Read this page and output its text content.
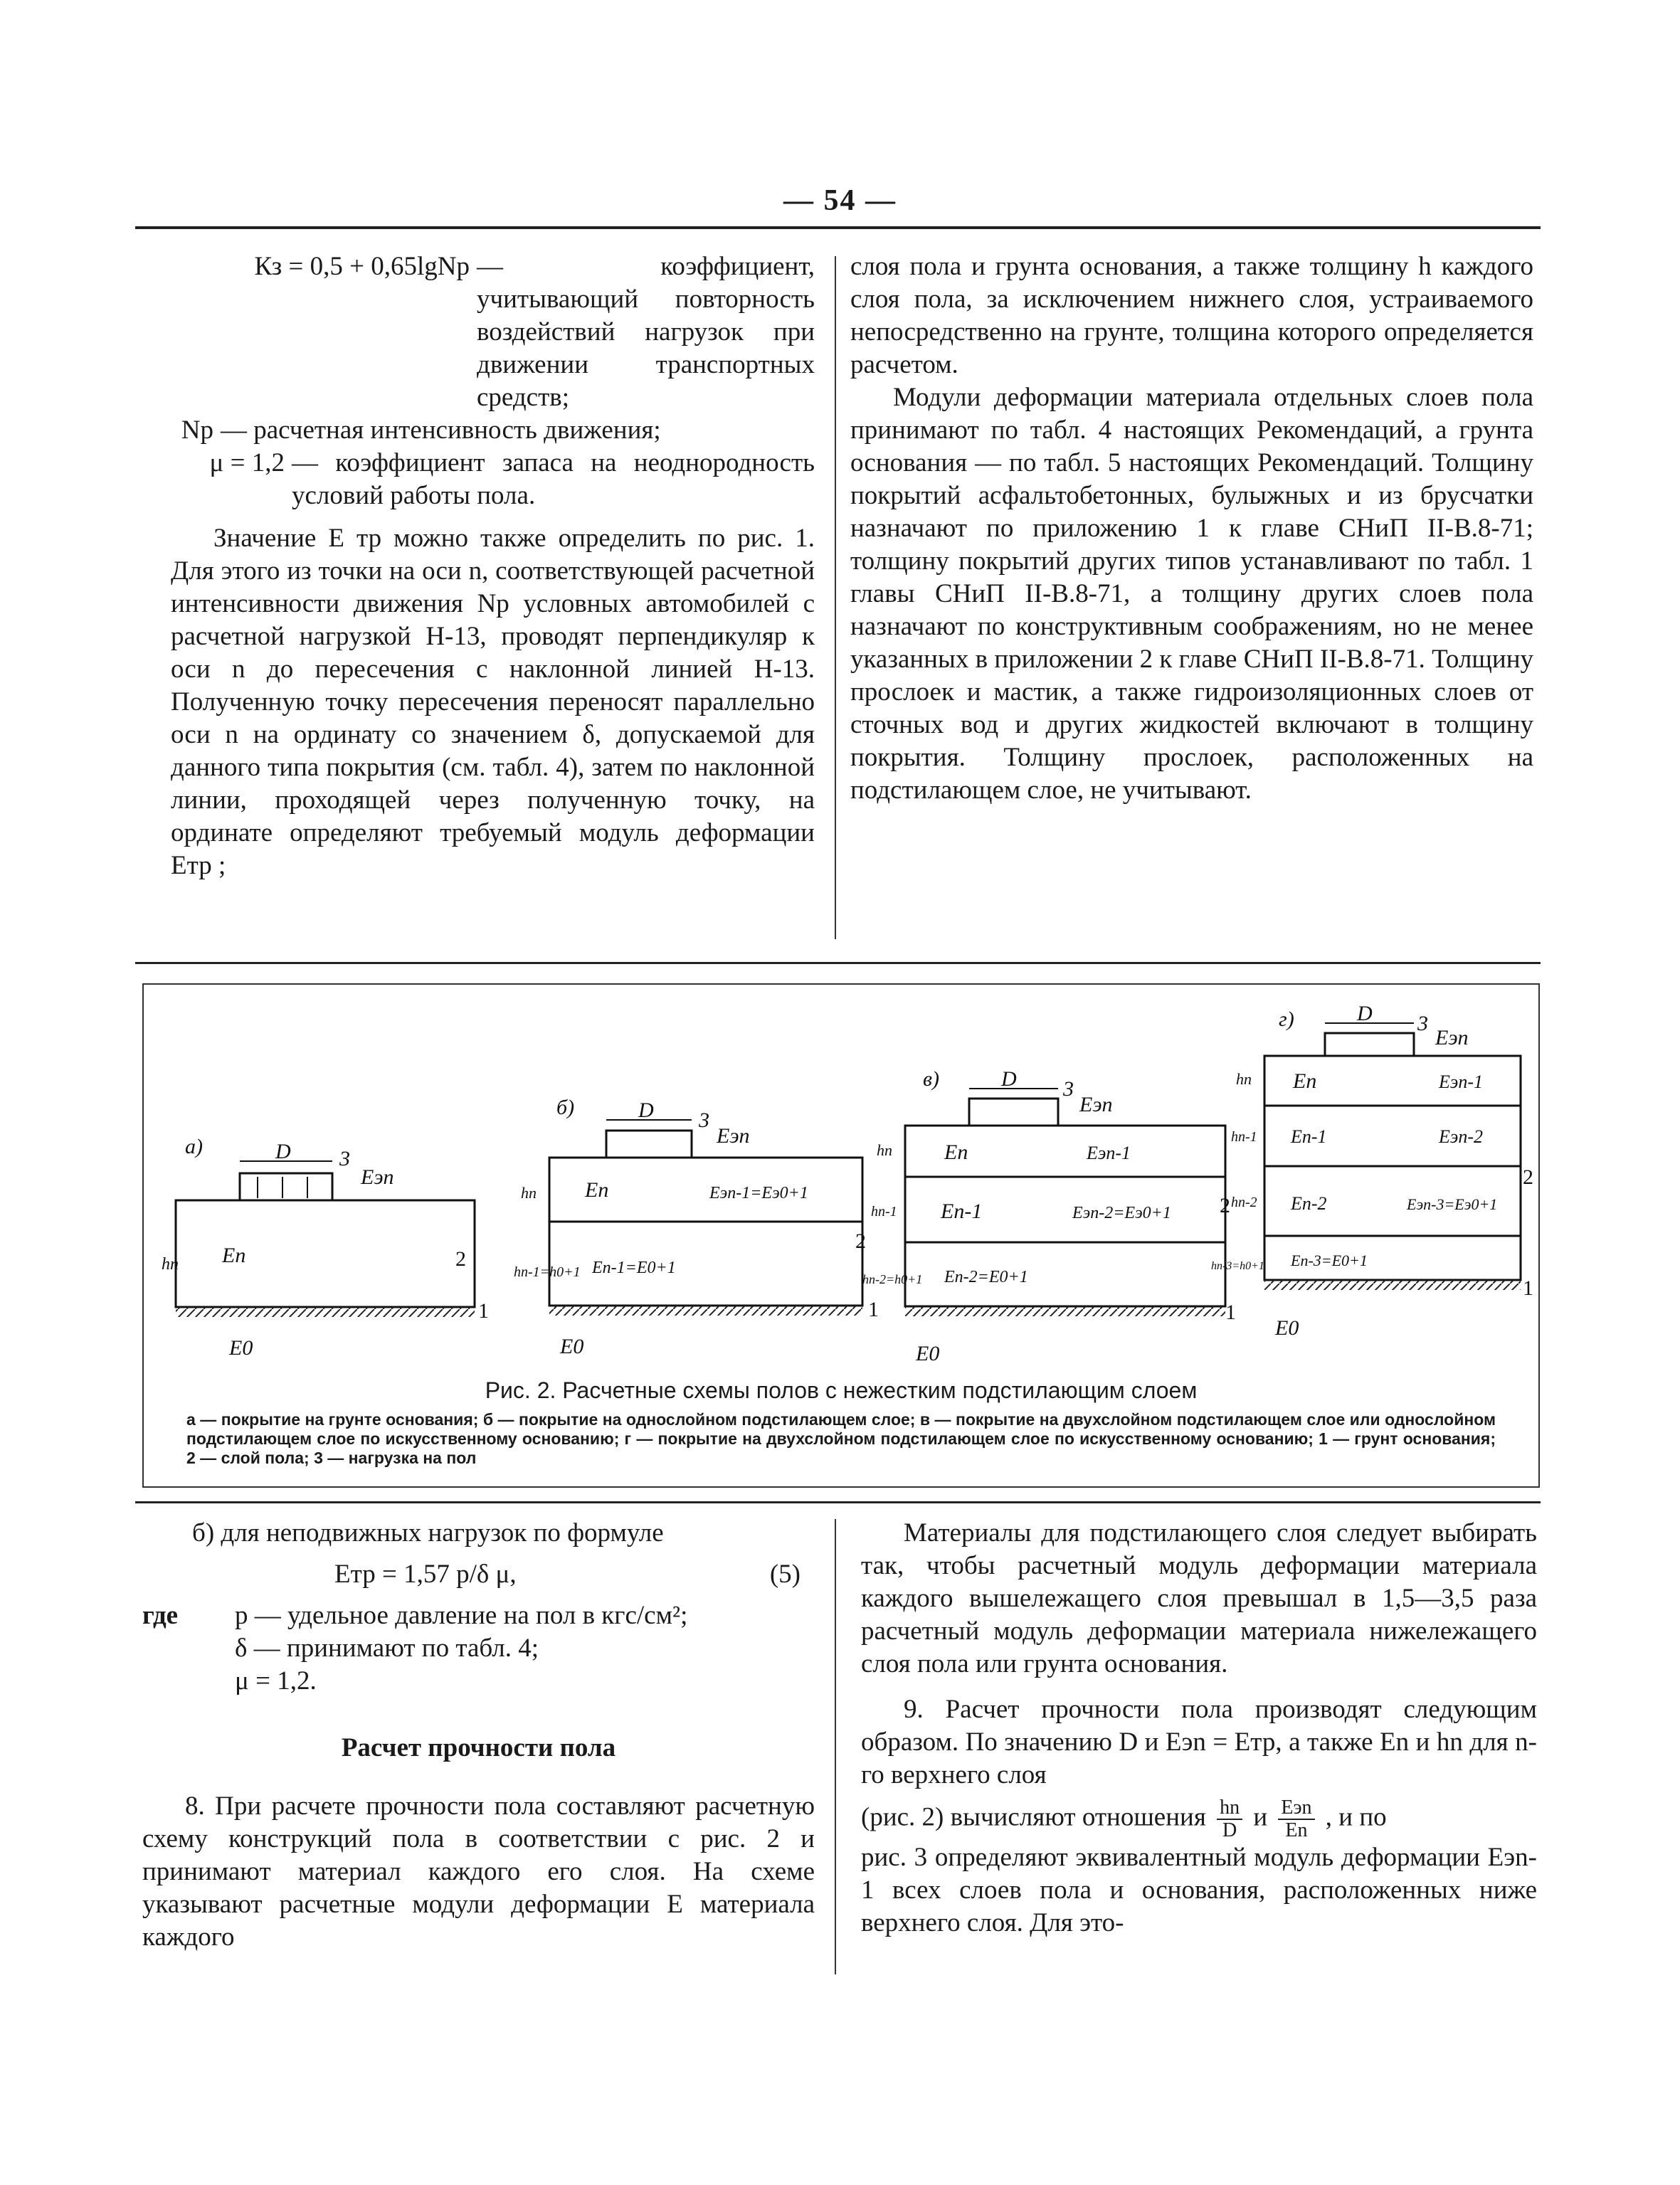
— 54 —
Кз = 0,5 + 0,65lgNp — коэффициент, учитывающий повторность воздействий нагрузок при движении транспортных средств;
Np — расчетная интенсивность движения;
μ = 1,2 — коэффициент запаса на неоднородность условий работы пола.

Значение E тр можно также определить по рис. 1. Для этого из точки на оси n, соответствующей расчетной интенсивности движения Nр условных автомобилей с расчетной нагрузкой Н-13, проводят перпендикуляр к оси n до пересечения с наклонной линией Н-13. Полученную точку пересечения переносят параллельно оси n на ординату со значением δ, допускаемой для данного типа покрытия (см. табл. 4), затем по наклонной линии, проходящей через полученную точку, на ординате определяют требуемый модуль деформации Eтр ;

слоя пола и грунта основания, а также толщину h каждого слоя пола, за исключением нижнего слоя, устраиваемого непосредственно на грунте, толщина которого определяется расчетом.

Модули деформации материала отдельных слоев пола принимают по табл. 4 настоящих Рекомендаций, а грунта основания — по табл. 5 настоящих Рекомендаций. Толщину покрытий асфальтобетонных, булыжных и из брусчатки назначают по приложению 1 к главе СНиП II-В.8-71; толщину покрытий других типов устанавливают по табл. 1 главы СНиП II-В.8-71, а толщину других слоев пола назначают по конструктивным соображениям, но не менее указанных в приложении 2 к главе СНиП II-В.8-71. Толщину прослоек и мастик, а также гидроизоляционных слоев от сточных вод и других жидкостей включают в толщину покрытия. Толщину прослоек, расположенных на подстилающем слое, не учитывают.

а)	D 3
Eэn
En
hn	2
1
E0
б)	D 3
Eэn
En	Eэn-1=Eэ0+1
En-1=E0+1
hn
hn-1=h0+1
2
1
E0
в)	D 3
Eэn
En	Eэn-1
En-1	Eэn-2=Eэ0+1
En-2=E0+1
hn
hn-1
hn-2=h0+1
2
1
E0
г)	D 3
Eэn
En	Eэn-1
En-1	Eэn-2
En-2	Eэn-3=Eэ0+1
En-3=E0+1
hn
hn-1
hn-2
hn-3=h0+1
2
1
E0
Рис. 2. Расчетные схемы полов с нежестким подстилающим слоем
а — покрытие на грунте основания; б — покрытие на однослойном подстилающем слое; в — покрытие на двухслойном подстилающем слое или однослойном подстилающем слое по искусственному основанию; г — покрытие на двухслойном подстилающем слое по искусственному основанию; 1 — грунт основания; 2 — слой пола; 3 — нагрузка на пол

б) для неподвижных нагрузок по формуле

Eтр = 1,57 p/δ μ,	(5)
где	p — удельное давление на пол в кгс/см²;
δ — принимают по табл. 4;
μ = 1,2.
Расчет прочности пола

8. При расчете прочности пола составляют расчетную схему конструкций пола в соответствии с рис. 2 и принимают материал каждого его слоя. На схеме указывают расчетные модули деформации E материала каждого

Материалы для подстилающего слоя следует выбирать так, чтобы расчетный модуль деформации материала каждого вышележащего слоя превышал в 1,5—3,5 раза расчетный модуль деформации материала нижележащего слоя пола или грунта основания.

9. Расчет прочности пола производят следующим образом. По значению D и Eэn = Eтр, а также En и hn для n-го верхнего слоя

(рис. 2) вычисляют отношения $\frac{hn}{D}$ и $\frac{\text{Eэn}}{En}$ , и по

рис. 3 определяют эквивалентный модуль деформации Eэn-1 всех слоев пола и основания, расположенных ниже верхнего слоя. Для это-
